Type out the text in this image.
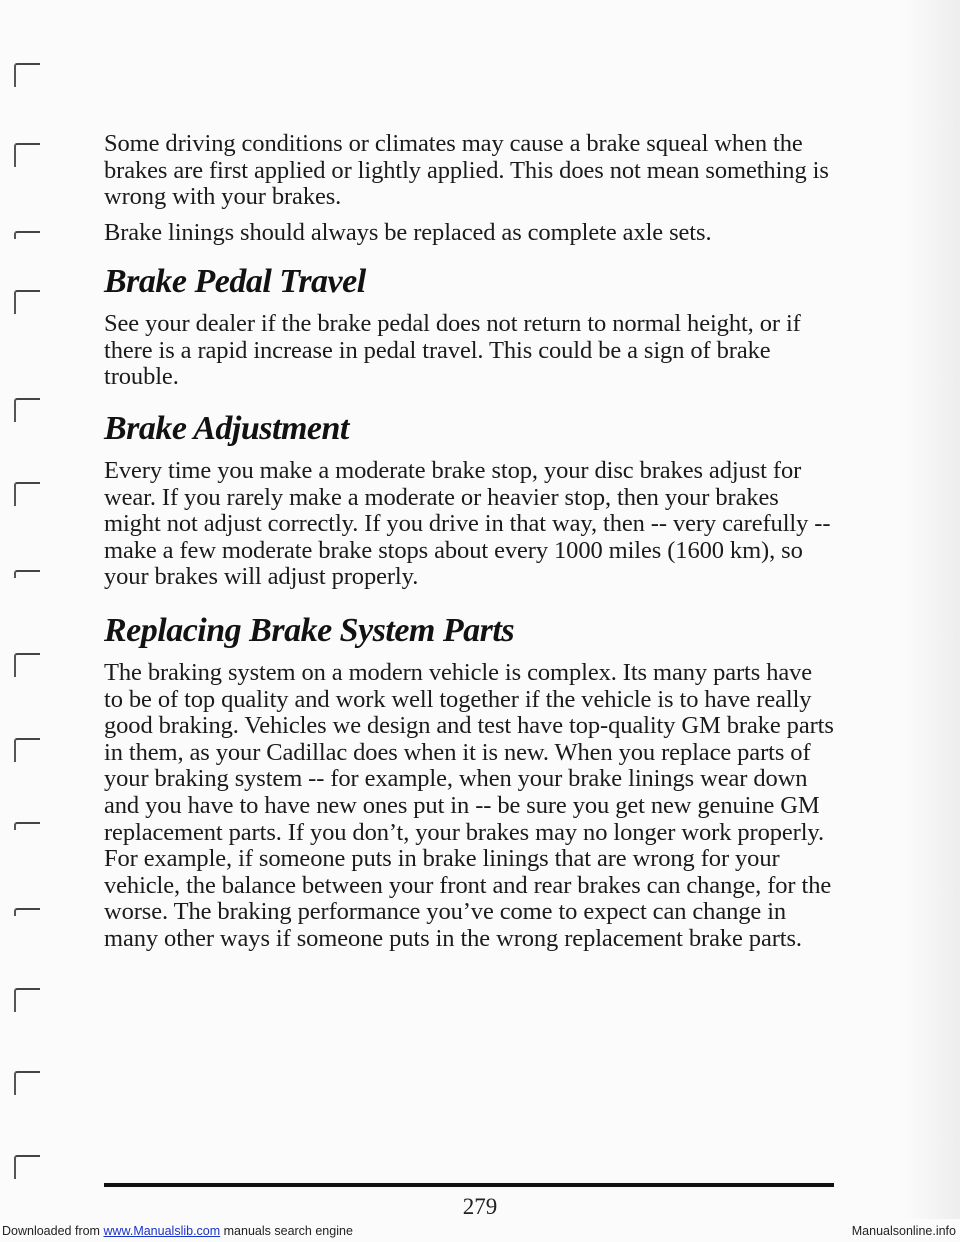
Some driving conditions or climates may cause a brake squeal when the brakes are first applied or lightly applied. This does not mean something is wrong with your brakes.

Brake linings should always be replaced as complete axle sets.

Brake Pedal Travel

See your dealer if the brake pedal does not return to normal height, or if there is a rapid increase in pedal travel. This could be a sign of brake trouble.

Brake Adjustment

Every time you make a moderate brake stop, your disc brakes adjust for wear. If you rarely make a moderate or heavier stop, then your brakes might not adjust correctly. If you drive in that way, then -- very carefully -- make a few moderate brake stops about every 1000 miles (1600 km), so your brakes will adjust properly.

Replacing Brake System Parts

The braking system on a modern vehicle is complex. Its many parts have to be of top quality and work well together if the vehicle is to have really good braking. Vehicles we design and test have top-quality GM brake parts in them, as your Cadillac does when it is new. When you replace parts of your braking system -- for example, when your brake linings wear down and you have to have new ones put in -- be sure you get new genuine GM replacement parts. If you don’t, your brakes may no longer work properly. For example, if someone puts in brake linings that are wrong for your vehicle, the balance between your front and rear brakes can change, for the worse. The braking performance you’ve come to expect can change in many other ways if someone puts in the wrong replacement brake parts.

279
Downloaded from www.Manualslib.com manuals search engine	Manualsonline.info
